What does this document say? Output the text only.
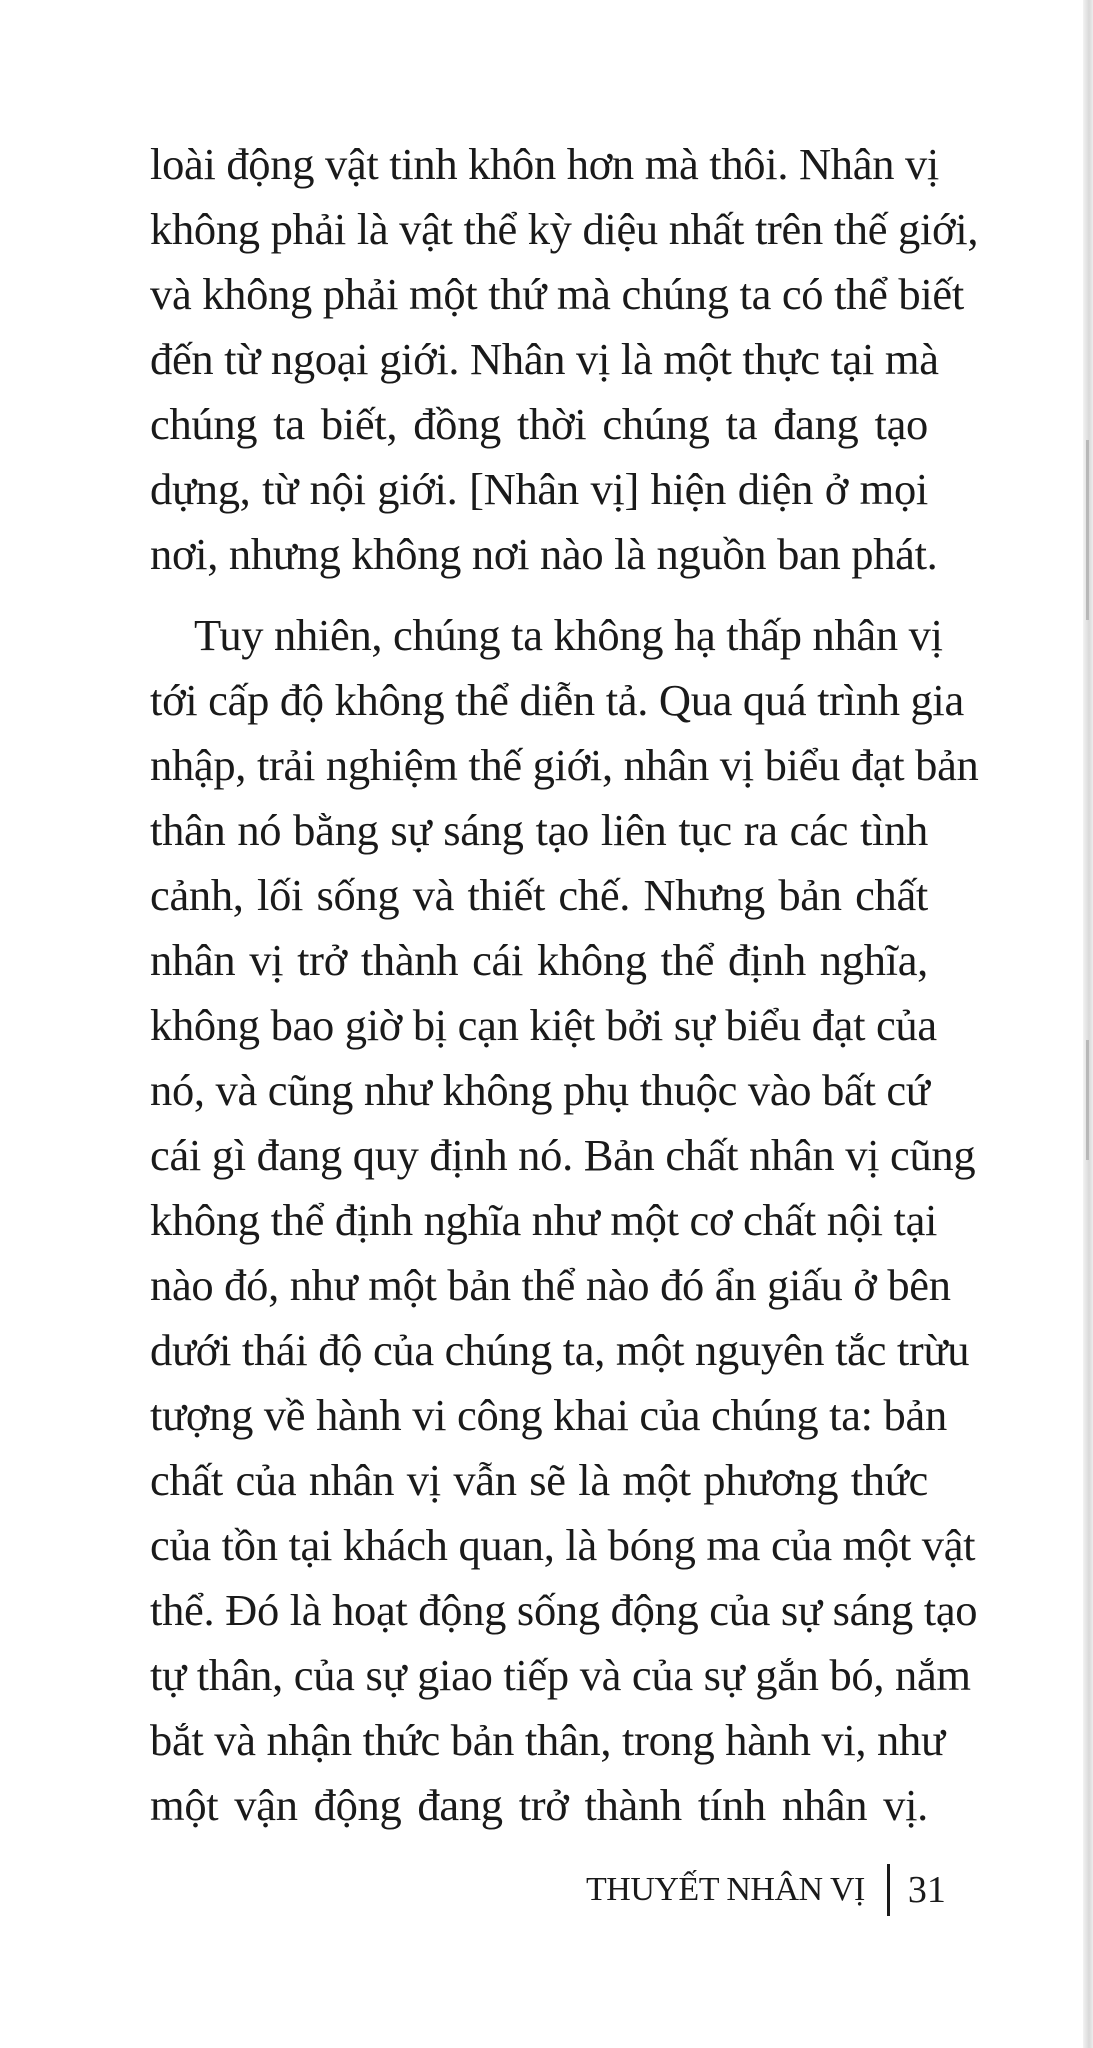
loài động vật tinh khôn hơn mà thôi. Nhân vị
không phải là vật thể kỳ diệu nhất trên thế giới,
và không phải một thứ mà chúng ta có thể biết
đến từ ngoại giới. Nhân vị là một thực tại mà
chúng ta biết, đồng thời chúng ta đang tạo
dựng, từ nội giới. [Nhân vị] hiện diện ở mọi
nơi, nhưng không nơi nào là nguồn ban phát.

Tuy nhiên, chúng ta không hạ thấp nhân vị
tới cấp độ không thể diễn tả. Qua quá trình gia
nhập, trải nghiệm thế giới, nhân vị biểu đạt bản
thân nó bằng sự sáng tạo liên tục ra các tình
cảnh, lối sống và thiết chế. Nhưng bản chất
nhân vị trở thành cái không thể định nghĩa,
không bao giờ bị cạn kiệt bởi sự biểu đạt của
nó, và cũng như không phụ thuộc vào bất cứ
cái gì đang quy định nó. Bản chất nhân vị cũng
không thể định nghĩa như một cơ chất nội tại
nào đó, như một bản thể nào đó ẩn giấu ở bên
dưới thái độ của chúng ta, một nguyên tắc trừu
tượng về hành vi công khai của chúng ta: bản
chất của nhân vị vẫn sẽ là một phương thức
của tồn tại khách quan, là bóng ma của một vật
thể. Đó là hoạt động sống động của sự sáng tạo
tự thân, của sự giao tiếp và của sự gắn bó, nắm
bắt và nhận thức bản thân, trong hành vi, như
một vận động đang trở thành tính nhân vị.

THUYẾT NHÂN VỊ 31
